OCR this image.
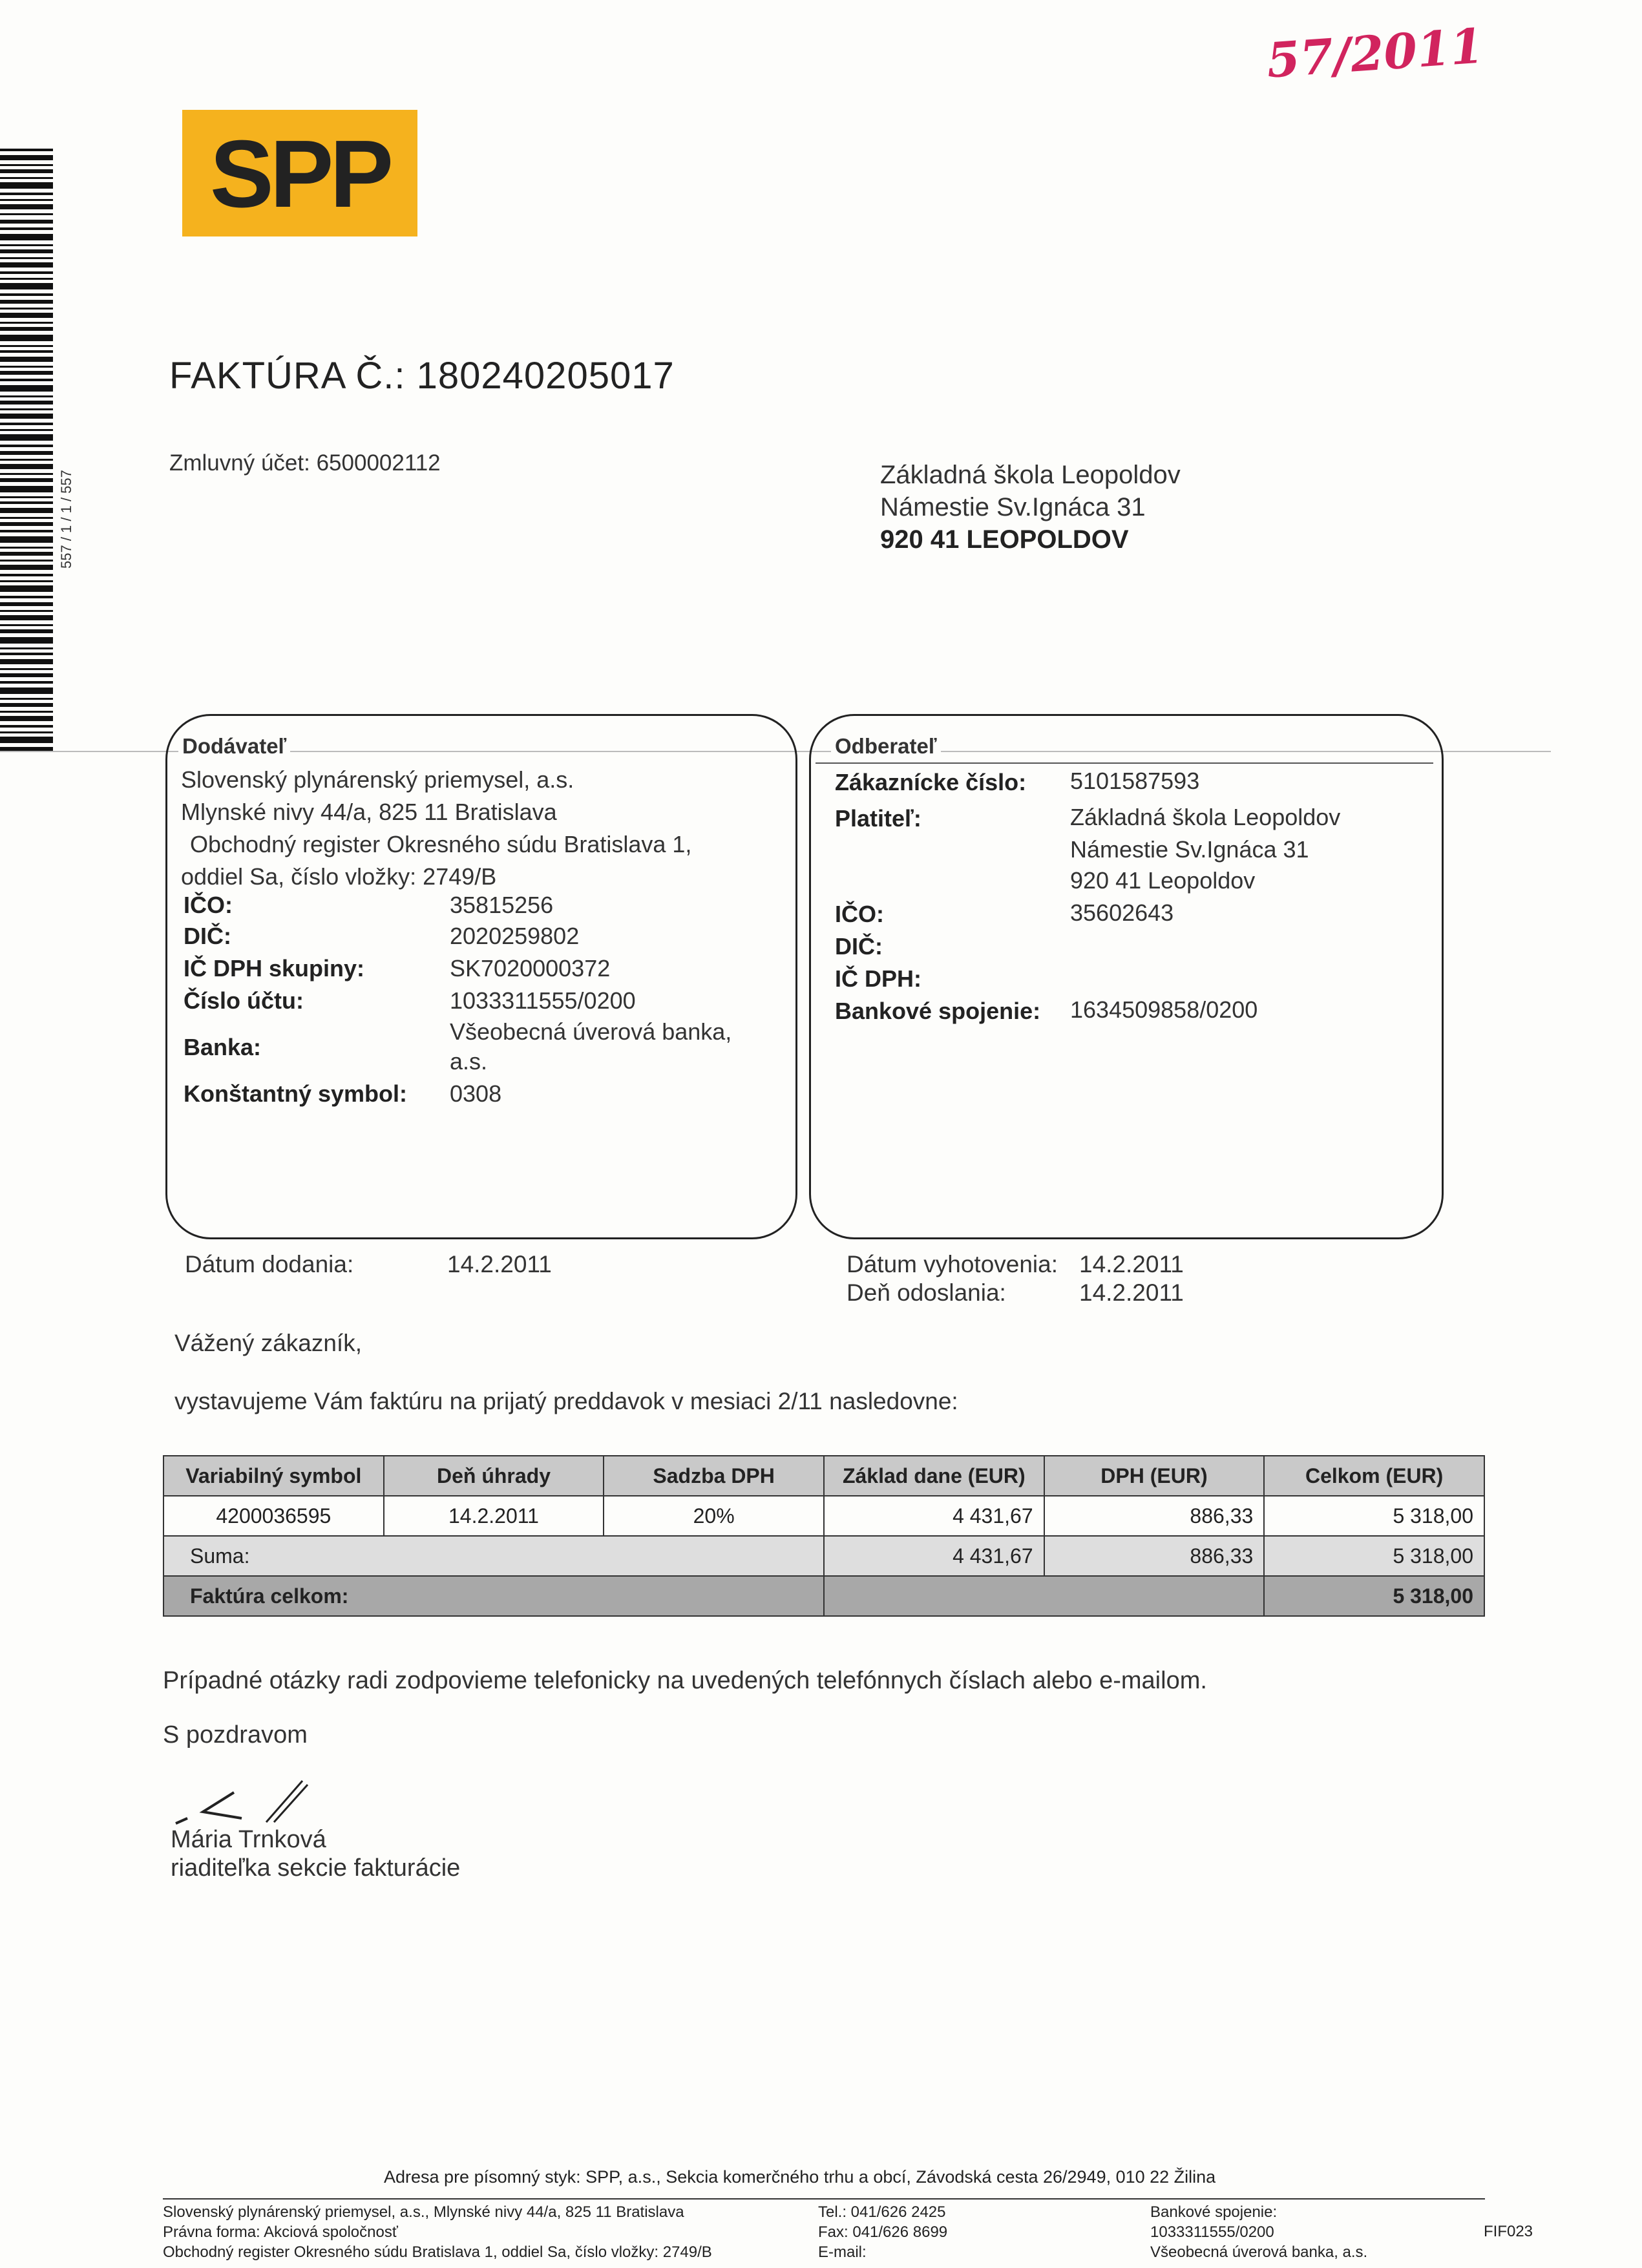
57/2011
SPP
557 / 1 / 1 / 557
FAKTÚRA Č.: 180240205017
Zmluvný účet: 6500002112	Základná škola Leopoldov
Námestie Sv.Ignáca 31
920 41 LEOPOLDOV
Dodávateľ
Slovenský plynárenský priemysel, a.s.
Mlynské nivy 44/a, 825 11 Bratislava
Obchodný register Okresného súdu Bratislava 1,
oddiel Sa, číslo vložky: 2749/B
IČO:	35815256
DIČ:	2020259802
IČ DPH skupiny:	SK7020000372
Číslo účtu:	1033311555/0200
Banka:
Všeobecná úverová banka,
a.s.
Konštantný symbol: 0308
Odberateľ
Zákaznícke číslo: 5101587593
Platiteľ:	Základná škola Leopoldov
Námestie Sv.Ignáca 31
920 41 Leopoldov
IČO:	35602643
DIČ:
IČ DPH:
Bankové spojenie: 1634509858/0200
Dátum dodania:	14.2.2011	Dátum vyhotovenia: 14.2.2011
Deň odoslania:	14.2.2011
Vážený zákazník,
vystavujeme Vám faktúru na prijatý preddavok v mesiaci 2/11 nasledovne:
Variabilný symbol	Deň úhrady	Sadzba DPH	Základ dane (EUR)	DPH (EUR)	Celkom (EUR)
4200036595	14.2.2011	20%	4 431,67	886,33	5 318,00
Suma:			4 431,67	886,33	5 318,00
Faktúra celkom:					5 318,00
Prípadné otázky radi zodpovieme telefonicky na uvedených telefónnych číslach alebo e-mailom.
S pozdravom
Mária Trnková
riaditeľka sekcie fakturácie
Adresa pre písomný styk: SPP, a.s., Sekcia komerčného trhu a obcí, Závodská cesta 26/2949, 010 22 Žilina
Slovenský plynárenský priemysel, a.s., Mlynské nivy 44/a, 825 11 Bratislava
Právna forma: Akciová spoločnosť
Obchodný register Okresného súdu Bratislava 1, oddiel Sa, číslo vložky: 2749/B
Tel.: 041/626 2425
Fax: 041/626 8699
E-mail:
Bankové spojenie:
1033311555/0200
Všeobecná úverová banka, a.s.
FIF023
